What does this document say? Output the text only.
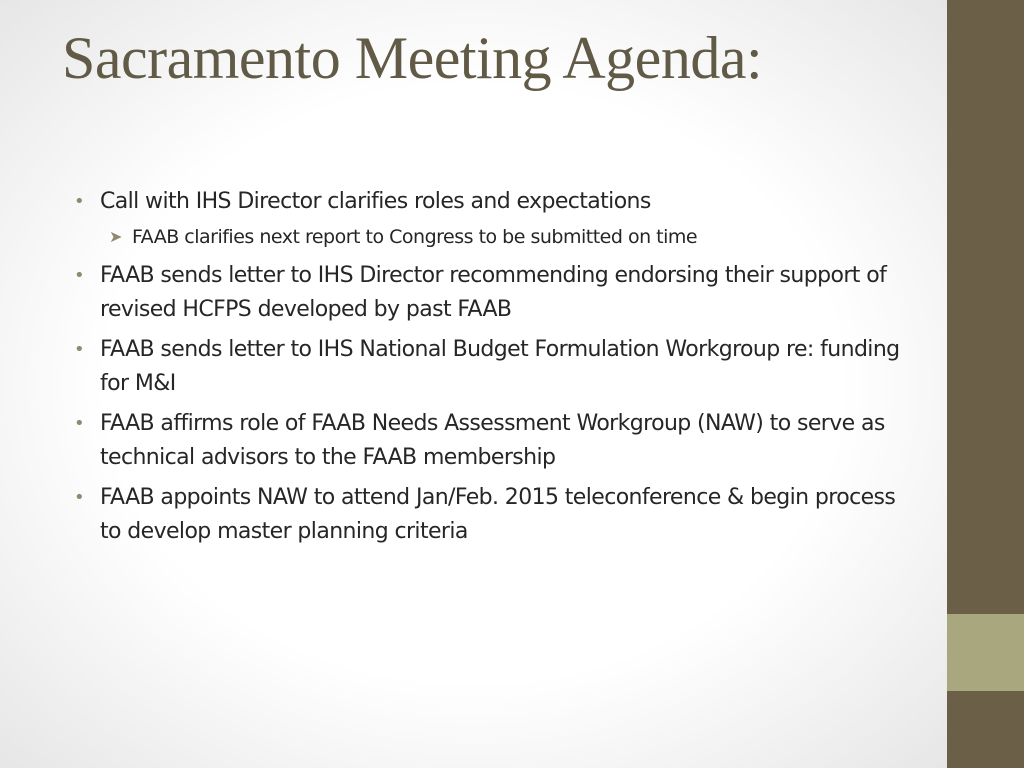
Sacramento Meeting Agenda:
• Call with IHS Director clarifies roles and expectations
➤ FAAB clarifies next report to Congress to be submitted on time
• FAAB sends letter to IHS Director recommending endorsing their support of revised HCFPS developed by past FAAB
• FAAB sends letter to IHS National Budget Formulation Workgroup re: funding for M&I
• FAAB affirms role of FAAB Needs Assessment Workgroup (NAW) to serve as technical advisors to the FAAB membership
• FAAB appoints NAW to attend Jan/Feb. 2015 teleconference & begin process to develop master planning criteria
